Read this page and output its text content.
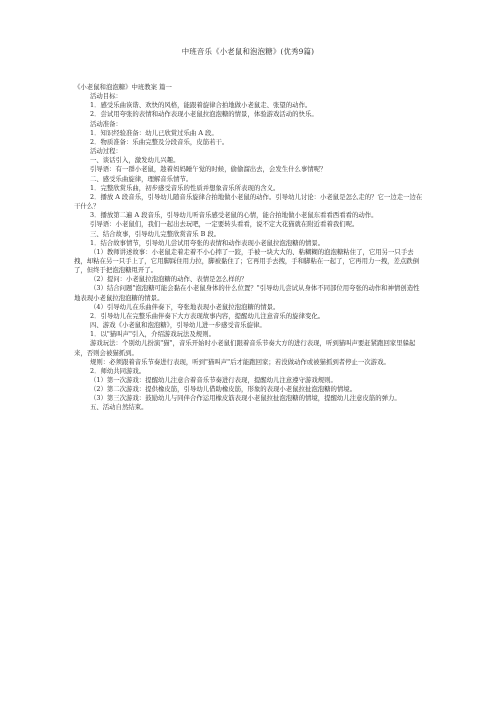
中班音乐《小老鼠和泡泡糖》(优秀9篇)

《小老鼠和泡泡糖》中班教案 篇一

活动目标：

1．感受乐曲诙谐、欢快的风格，能跟着旋律合拍地做小老鼠走、张望的动作。

2．尝试用夸张的表情和动作表现小老鼠拉泡泡糖的情景，体验游戏活动的快乐。

活动准备：

1．知识经验准备：幼儿已欣赏过乐曲 A 段。

2．物质准备：乐曲完整及分段音乐，皮筋若干。

活动过程：

一、谈话引入，激发幼儿兴趣。

引导语：有一群小老鼠，趁着妈妈睡午觉的时候，偷偷溜出去，会发生什么事情呢？

二、感受乐曲旋律，理解音乐情节。

1．完整欣赏乐曲，初步感受音乐的性质并想象音乐所表现的含义。

2．播放 A 段音乐，引导幼儿随音乐旋律合拍地做小老鼠的动作。引导幼儿讨论：小老鼠是怎么走的？它一边走一边在干什么？

3．播放第二遍 A 段音乐，引导幼儿听音乐感受老鼠的心情，能合拍地做小老鼠东看看西看看的动作。

引导语：小老鼠们，我们一起出去玩吧，一定要转头看看，说不定大花猫就在附近看着我们呢。

三、结合故事，引导幼儿完整欣赏音乐 B 段。

1．结合故事情节，引导幼儿尝试用夸张的表情和动作表现小老鼠拉泡泡糖的情景。

（1）教师讲述故事：小老鼠走着走着不小心摔了一跤，手被一块大大的、粘糊糊的泡泡糖粘住了，它用另一只手去拽，却粘在另一只手上了，它用脚踩住用力拉，脚被黏住了；它再用手去拽，手和脚粘在一起了，它再用力一拽，差点跌倒了，但终于把泡泡糖甩开了。

（2）提问：小老鼠拉泡泡糖的动作、表情是怎么样的？

（3）结合问题"泡泡糖可能会黏在小老鼠身体的什么位置？"引导幼儿尝试从身体不同部位用夸张的动作和神情创造性地表现小老鼠拉泡泡糖的情景。

（4）引导幼儿在乐曲伴奏下，夸张地表现小老鼠拉泡泡糖的情景。

2．引导幼儿在完整乐曲伴奏下大方表现故事内容，提醒幼儿注意音乐的旋律变化。

四、游戏《小老鼠和泡泡糖》，引导幼儿进一步感受音乐旋律。

1．以"猫叫声"引入，介绍游戏玩法及规则。

游戏玩法：个别幼儿扮演"猫"，音乐开始时小老鼠们跟着音乐节奏大方的进行表现，听到猫叫声要赶紧跑回家里躲起来，否则会被猫抓到。

规则：必须跟着音乐节奏进行表现，听到"猫叫声"后才能跑回家；若没做动作或被猫抓到者停止一次游戏。

2．师幼共同游戏。

（1）第一次游戏：提醒幼儿注意合着音乐节奏进行表现，提醒幼儿注意遵守游戏规则。

（2）第二次游戏：提供橡皮筋，引导幼儿借助橡皮筋，形象的表现小老鼠拉扯泡泡糖的情境。

（3）第三次游戏：鼓励幼儿与同伴合作运用橡皮筋表现小老鼠拉扯泡泡糖的情境，提醒幼儿注意皮筋的弹力。

五、活动自然结束。
